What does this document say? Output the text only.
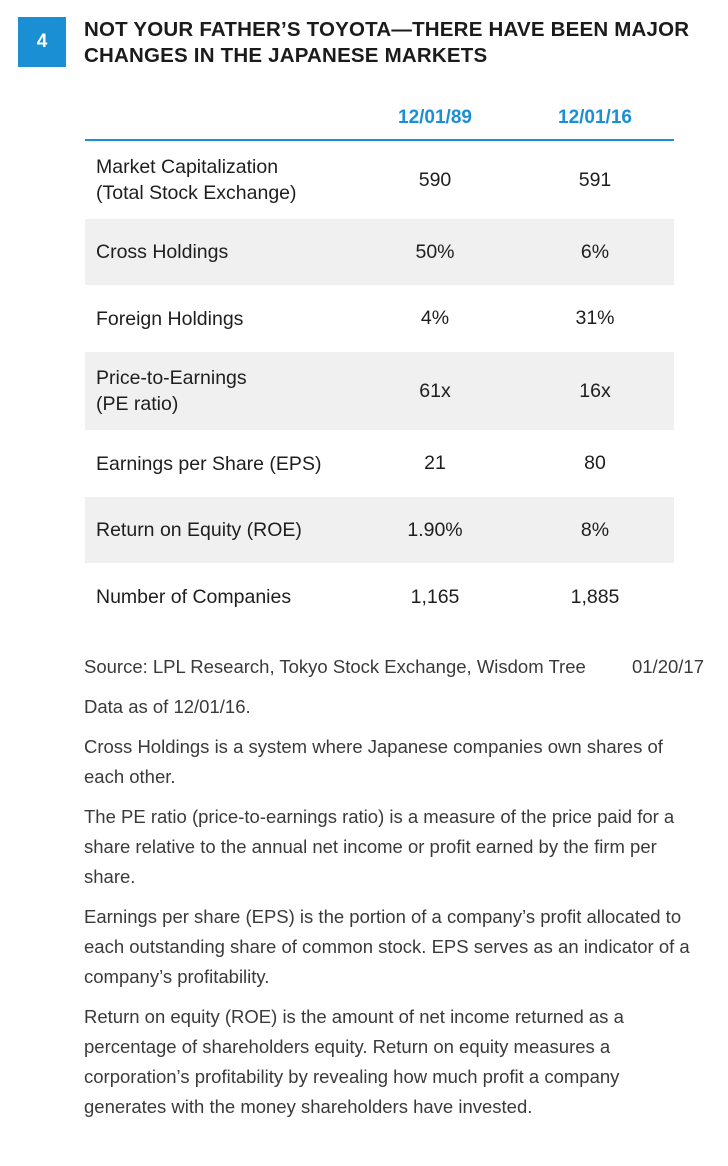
4
NOT YOUR FATHER’S TOYOTA—THERE HAVE BEEN MAJOR
CHANGES IN THE JAPANESE MARKETS
12/01/89	12/01/16
Market Capitalization
(Total Stock Exchange)
590	591
Cross Holdings	50%	6%
Foreign Holdings	4%	31%
Price-to-Earnings
(PE ratio)
61x	16x
Earnings per Share (EPS)	21	80
Return on Equity (ROE)	1.90%	8%
Number of Companies	1,165	1,885
Source: LPL Research, Tokyo Stock Exchange, Wisdom Tree 01/20/17

Data as of 12/01/16.

Cross Holdings is a system where Japanese companies own shares of each other.

The PE ratio (price-to-earnings ratio) is a measure of the price paid for a share relative to the annual net income or profit earned by the firm per share.

Earnings per share (EPS) is the portion of a company’s profit allocated to each outstanding share of common stock. EPS serves as an indicator of a company’s profitability.

Return on equity (ROE) is the amount of net income returned as a percentage of shareholders equity. Return on equity measures a corporation’s profitability by revealing how much profit a company generates with the money shareholders have invested.
